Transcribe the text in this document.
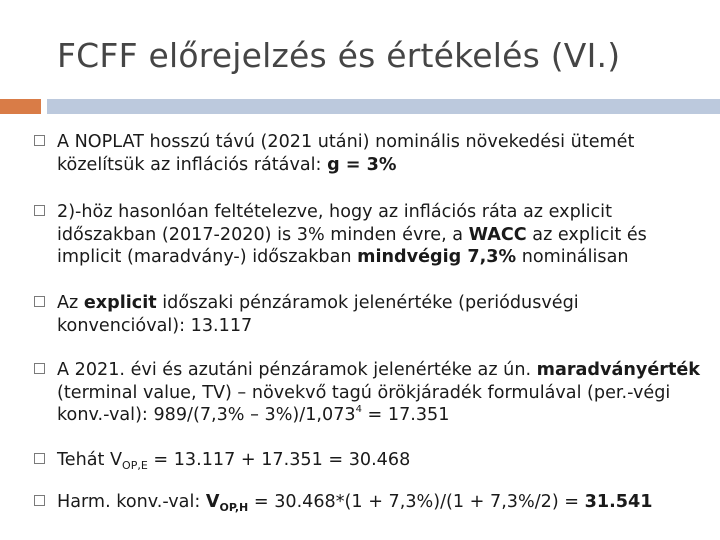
FCFF előrejelzés és értékelés (VI.)
A NOPLAT hosszú távú (2021 utáni) nominális növekedési ütemét közelítsük az inflációs rátával: g = 3%
2)-höz hasonlóan feltételezve, hogy az inflációs ráta az explicit időszakban (2017-2020) is 3% minden évre, a WACC az explicit és implicit (maradvány-) időszakban mindvégig 7,3% nominálisan
Az explicit időszaki pénzáramok jelenértéke (periódusvégi konvencióval): 13.117
A 2021. évi és azutáni pénzáramok jelenértéke az ún. maradványérték (terminal value, TV) – növekvő tagú örökjáradék formulával (per.-végi konv.-val): $989/(7,3\% - 3\%)/1,073^4 = 17.351$
Tehát $V_{OP,E} = 13.117 + 17.351 = 30.468$
Harm. konv.-val: $V_{OP,H} = 30.468*(1 + 7,3\%)/(1 + 7,3\%/2) = 31.541$
